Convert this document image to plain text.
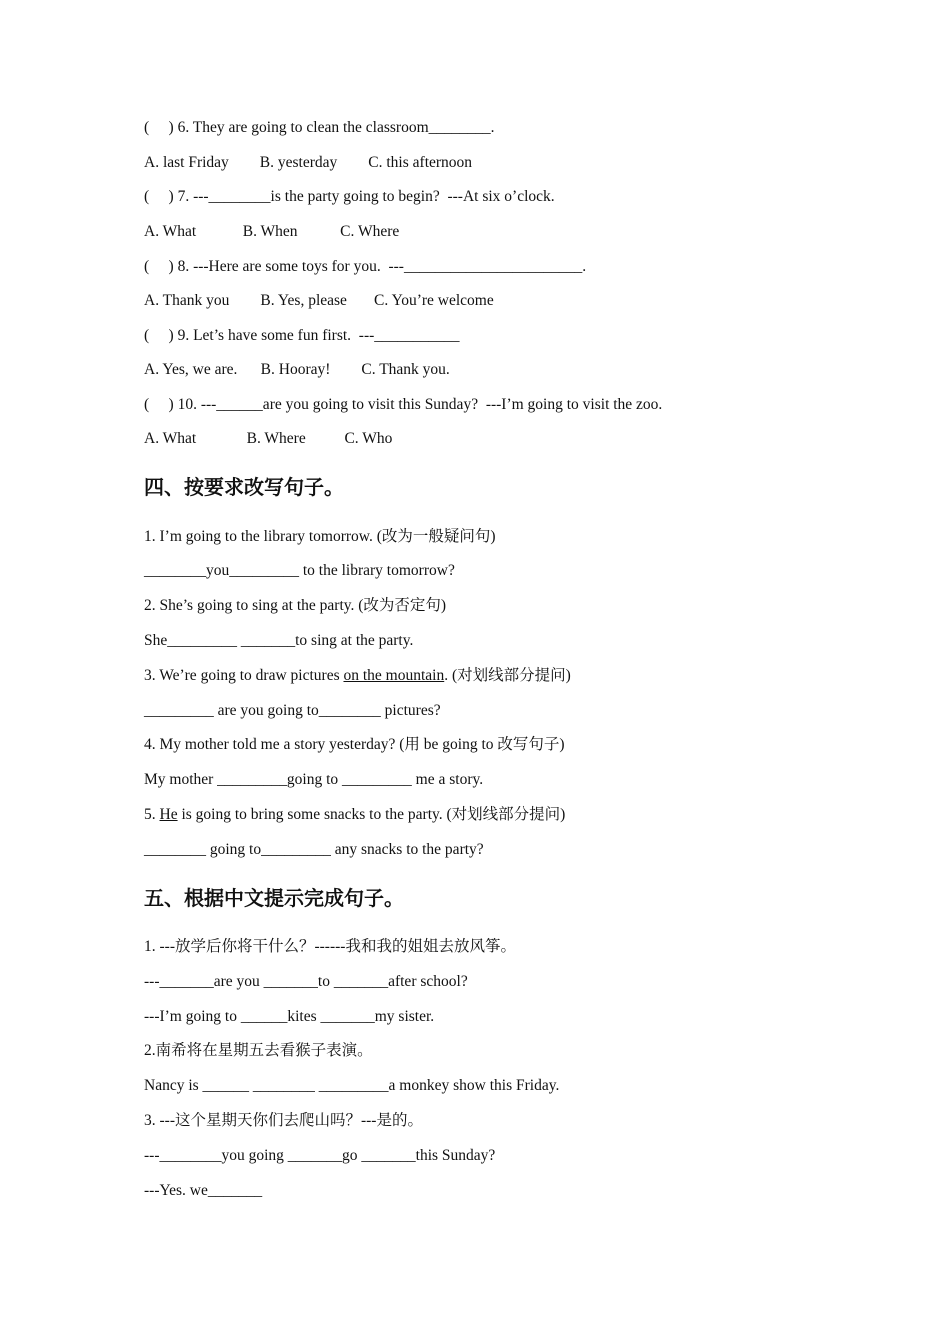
(     ) 6. They are going to clean the classroom________.
A. last Friday        B. yesterday        C. this afternoon
(     ) 7. ---________is the party going to begin?  ---At six o’clock.
A. What            B. When           C. Where
(     ) 8. ---Here are some toys for you.  ---_______________________.
A. Thank you        B. Yes, please       C. You’re welcome
(     ) 9. Let’s have some fun first.  ---___________
A. Yes, we are.      B. Hooray!        C. Thank you.
(     ) 10. ---______are you going to visit this Sunday?  ---I’m going to visit the zoo.
A. What             B. Where          C. Who
四、按要求改写句子。
1. I’m going to the library tomorrow. (改为一般疑问句)
________you_________ to the library tomorrow?
2. She’s going to sing at the party. (改为否定句)
She_________ _______to sing at the party.
3. We’re going to draw pictures on the mountain. (对划线部分提问)
_________ are you going to________ pictures?
4. My mother told me a story yesterday? (用 be going to 改写句子)
My mother _________going to _________ me a story.
5. He is going to bring some snacks to the party. (对划线部分提问)
________ going to_________ any snacks to the party?
五、根据中文提示完成句子。
1. ---放学后你将干什么？------我和我的姐姐去放风筝。
---_______are you _______to _______after school?
---I’m going to ______kites _______my sister.
2.南希将在星期五去看猴子表演。
Nancy is ______ ________ _________a monkey show this Friday.
3. ---这个星期天你们去爬山吗？---是的。
---________you going _______go _______this Sunday?
---Yes. we_______
